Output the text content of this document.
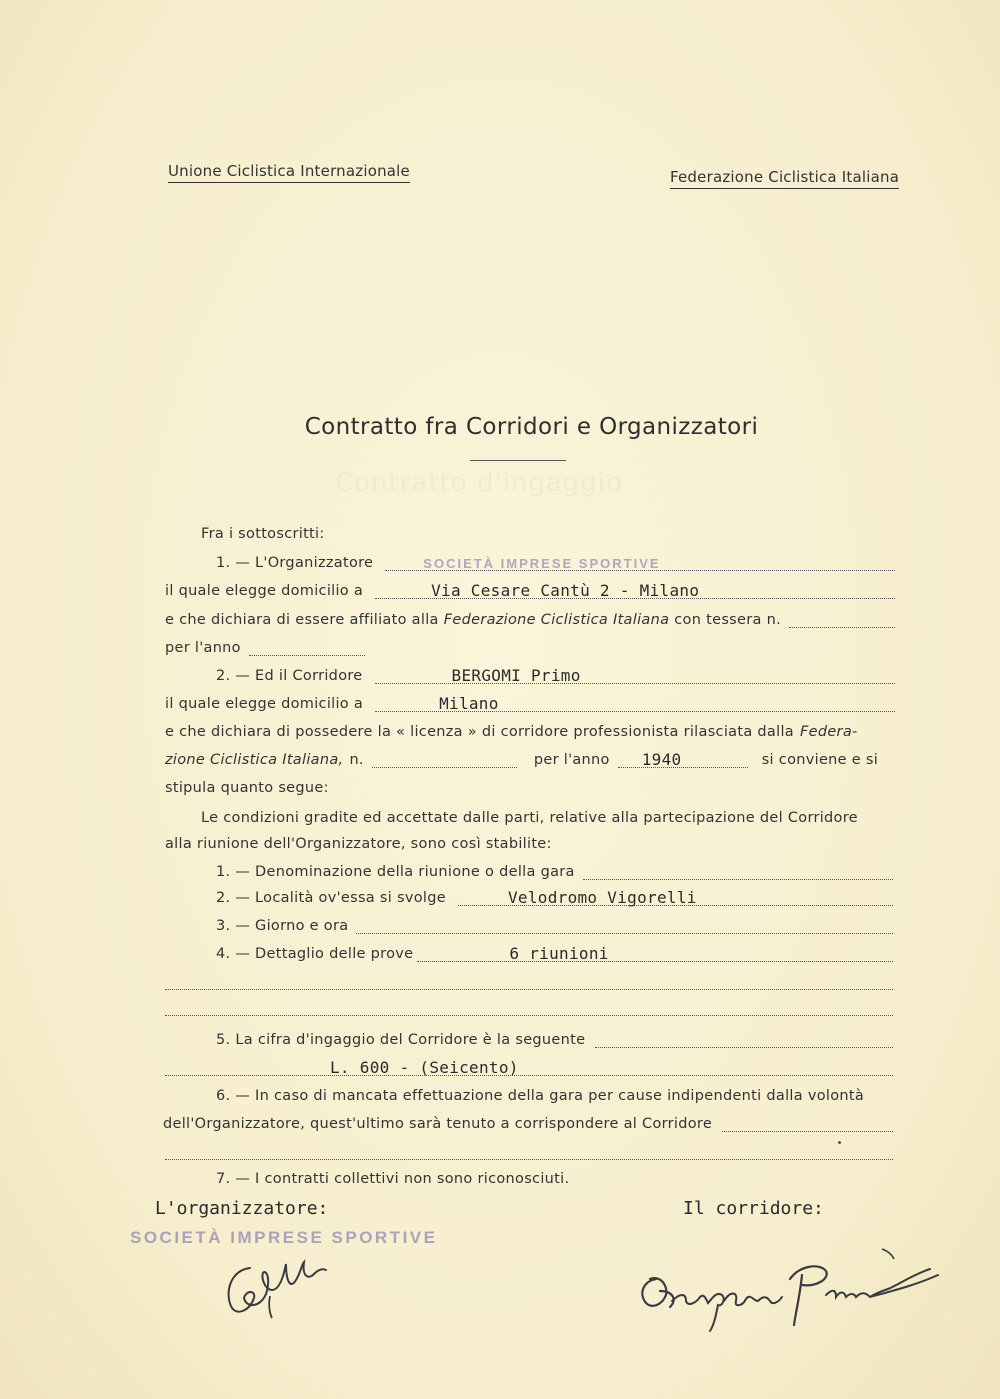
Unione Ciclistica Internazionale	Federazione Ciclistica Italiana
Contratto d'ingaggio
Contratto fra Corridori e Organizzatori
Fra i sottoscritti:
1. — L'Organizzatore	SOCIETÀ IMPRESE SPORTIVE
il quale elegge domicilio a	Via Cesare Cantù 2 - Milano
e che dichiara di essere affiliato alla Federazione Ciclistica Italiana con tessera n.
per l'anno
2. — Ed il Corridore	BERGOMI Primo
il quale elegge domicilio a	Milano
e che dichiara di possedere la « licenza » di corridore professionista rilasciata dalla Federa-
zione Ciclistica Italiana, n.	per l'anno 1940	si conviene e si
stipula quanto segue:
Le condizioni gradite ed accettate dalle parti, relative alla partecipazione del Corridore
alla riunione dell'Organizzatore, sono così stabilite:
1. — Denominazione della riunione o della gara
2. — Località ov'essa si svolge	Velodromo Vigorelli
3. — Giorno e ora
4. — Dettaglio delle prove	6 riunioni
5. La cifra d'ingaggio del Corridore è la seguente
L. 600 - (Seicento)
6. — In caso di mancata effettuazione della gara per cause indipendenti dalla volontà
dell'Organizzatore, quest'ultimo sarà tenuto a corrispondere al Corridore
7. — I contratti collettivi non sono riconosciuti.
L'organizzatore:	Il corridore:
SOCIETÀ IMPRESE SPORTIVE
